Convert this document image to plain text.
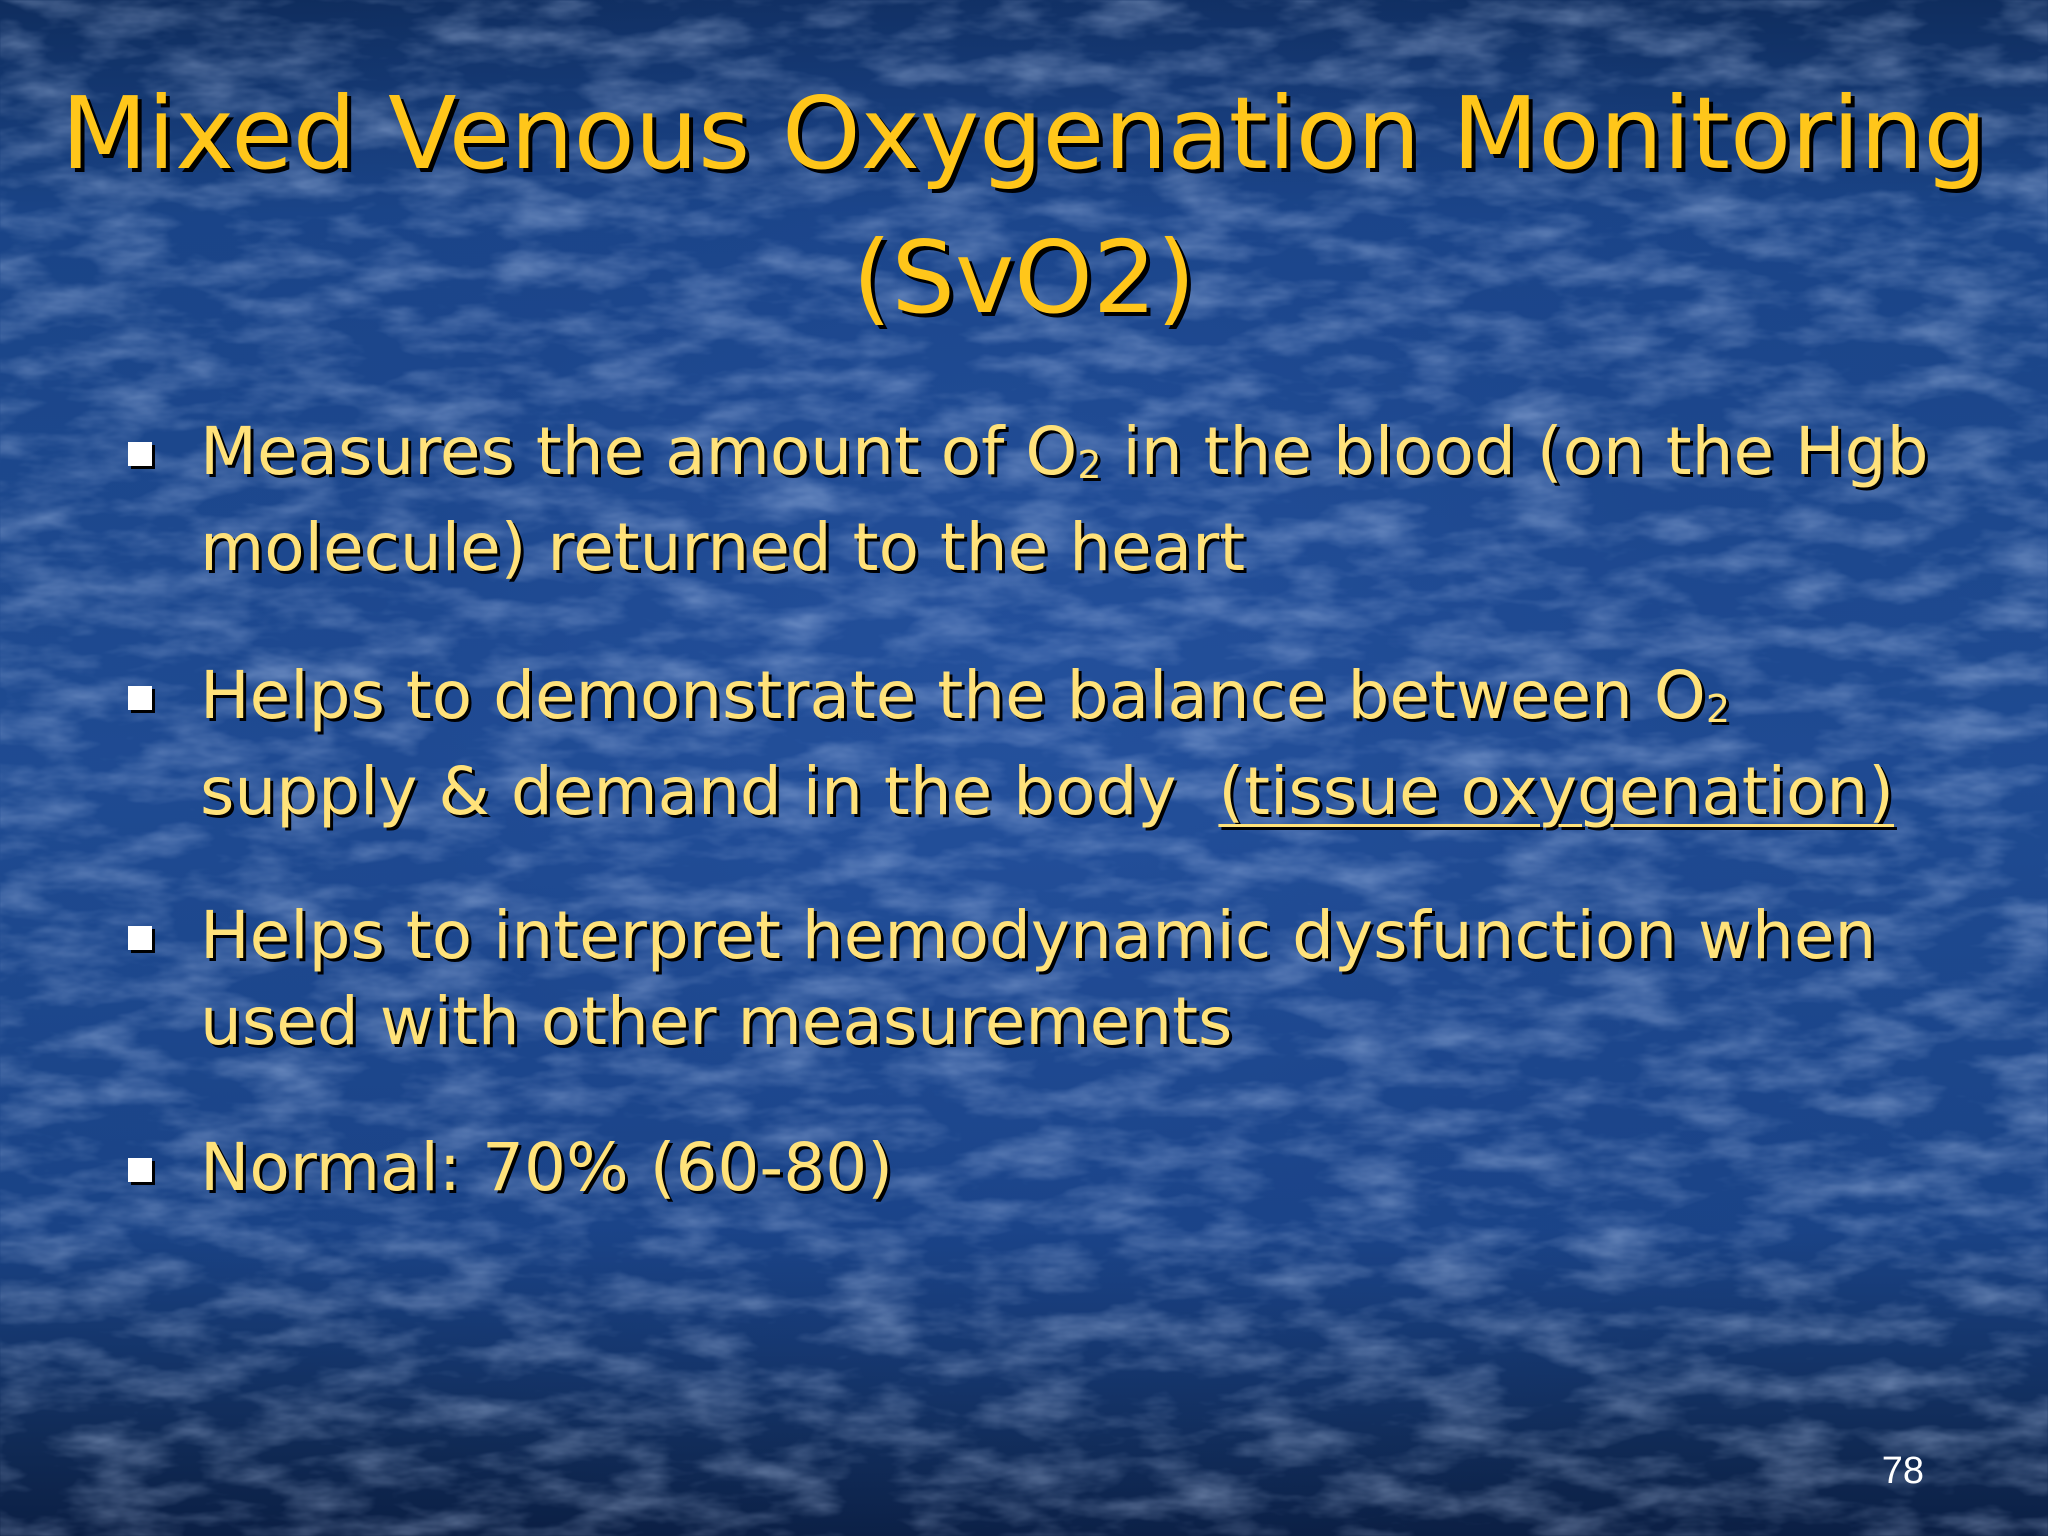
Mixed Venous Oxygenation Monitoring
(SvO2)
Measures the amount of $O_2$ in the blood (on the Hgb
molecule) returned to the heart
Helps to demonstrate the balance between $O_2$
supply & demand in the body  (tissue oxygenation)
Helps to interpret hemodynamic dysfunction when
used with other measurements
Normal: 70% (60-80)
78
